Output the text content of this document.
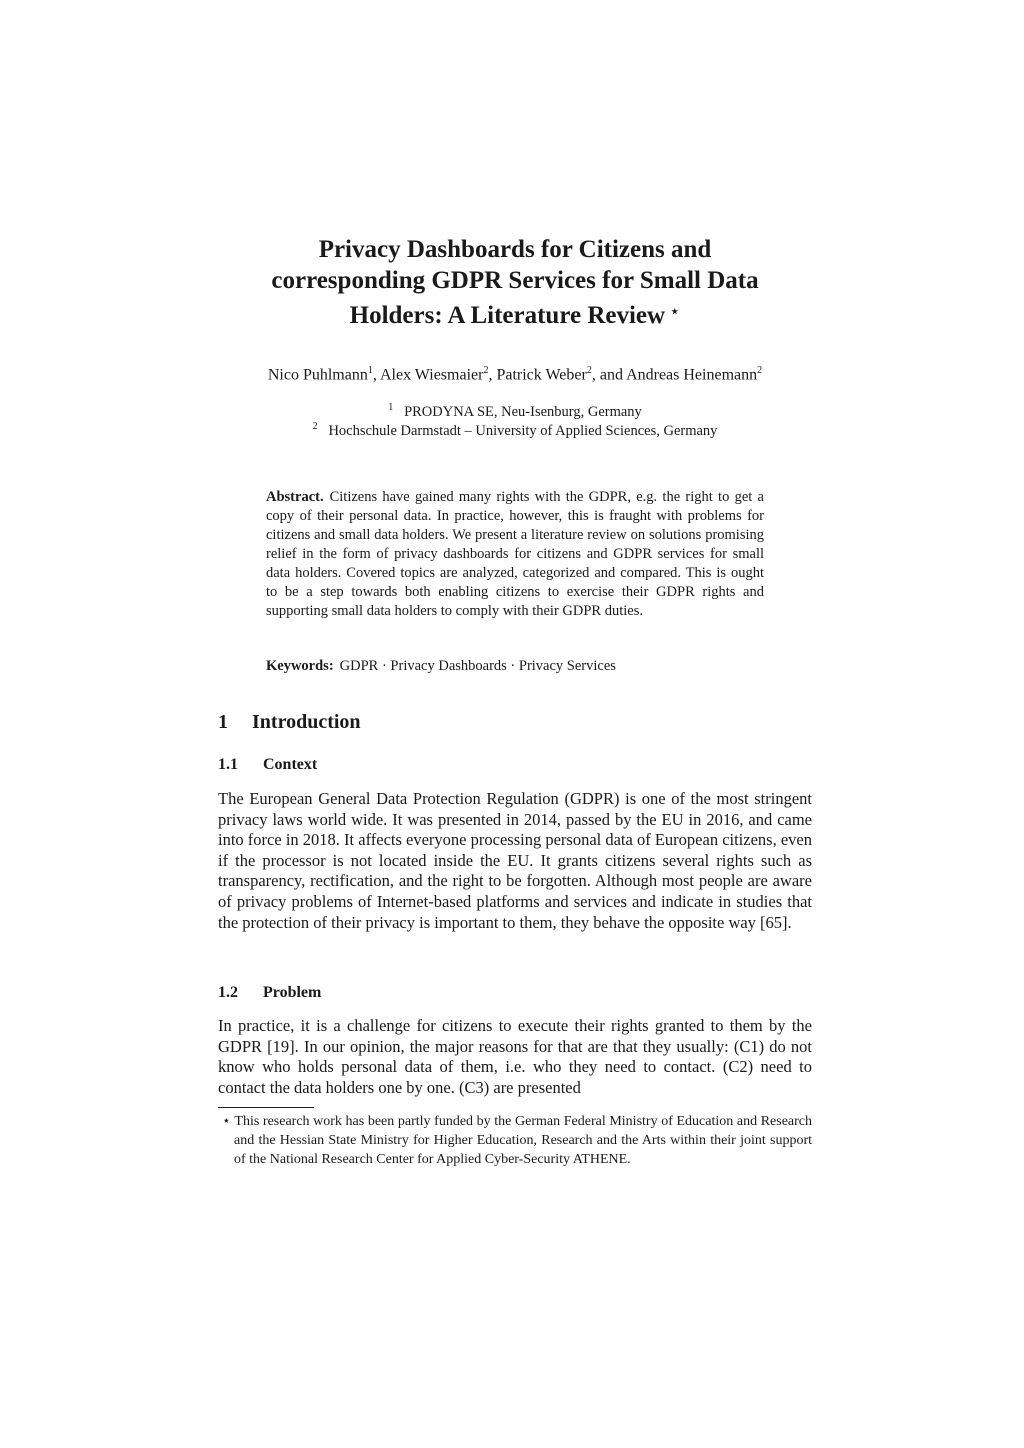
Privacy Dashboards for Citizens and
corresponding GDPR Services for Small Data
Holders: A Literature Review ⋆
Nico Puhlmann$^1$, Alex Wiesmaier$^2$, Patrick Weber$^2$, and Andreas Heinemann$^2$
$^1$ PRODYNA SE, Neu-Isenburg, Germany
$^2$ Hochschule Darmstadt – University of Applied Sciences, Germany
Abstract. Citizens have gained many rights with the GDPR, e.g. the right to get a copy of their personal data. In practice, however, this is fraught with problems for citizens and small data holders. We present a literature review on solutions promising relief in the form of privacy dashboards for citizens and GDPR services for small data holders. Covered topics are analyzed, categorized and compared. This is ought to be a step towards both enabling citizens to exercise their GDPR rights and supporting small data holders to comply with their GDPR duties.
Keywords: GDPR · Privacy Dashboards · Privacy Services
1 Introduction
1.1 Context
The European General Data Protection Regulation (GDPR) is one of the most stringent privacy laws world wide. It was presented in 2014, passed by the EU in 2016, and came into force in 2018. It affects everyone processing personal data of European citizens, even if the processor is not located inside the EU. It grants citizens several rights such as transparency, rectification, and the right to be forgotten. Although most people are aware of privacy problems of Internet-based platforms and services and indicate in studies that the protection of their privacy is important to them, they behave the opposite way [65].
1.2 Problem
In practice, it is a challenge for citizens to execute their rights granted to them by the GDPR [19]. In our opinion, the major reasons for that are that they usually: (C1) do not know who holds personal data of them, i.e. who they need to contact. (C2) need to contact the data holders one by one. (C3) are presented
⋆ This research work has been partly funded by the German Federal Ministry of Education and Research and the Hessian State Ministry for Higher Education, Research and the Arts within their joint support of the National Research Center for Applied Cyber-Security ATHENE.
